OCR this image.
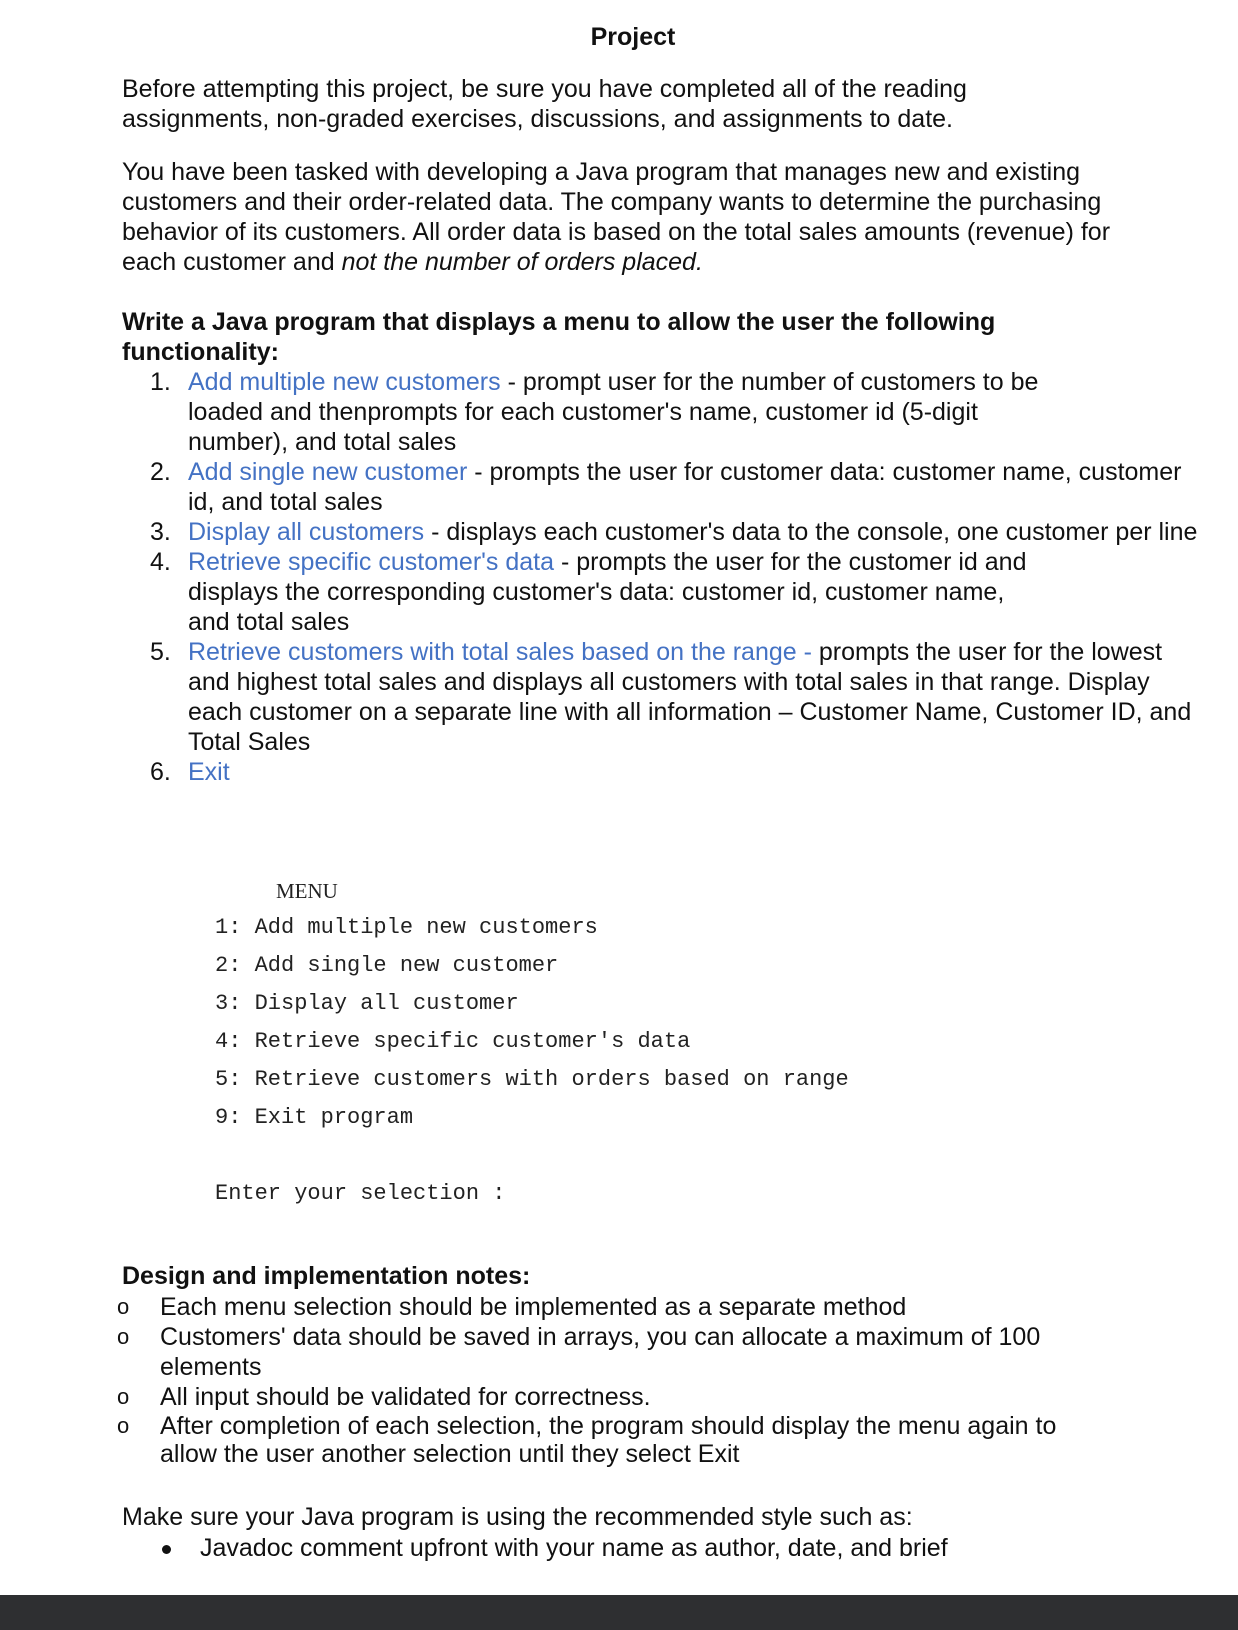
Project

Before attempting this project, be sure you have completed all of the reading assignments, non-graded exercises, discussions, and assignments to date.

You have been tasked with developing a Java program that manages new and existing customers and their order-related data. The company wants to determine the purchasing behavior of its customers. All order data is based on the total sales amounts (revenue) for each customer and not the number of orders placed.

Write a Java program that displays a menu to allow the user the following functionality:

1. Add multiple new customers - prompt user for the number of customers to be loaded and thenprompts for each customer's name, customer id (5-digit number), and total sales
2. Add single new customer - prompts the user for customer data: customer name, customer id, and total sales
3. Display all customers - displays each customer's data to the console, one customer per line
4. Retrieve specific customer's data - prompts the user for the customer id and displays the corresponding customer's data: customer id, customer name, and total sales
5. Retrieve customers with total sales based on the range - prompts the user for the lowest and highest total sales and displays all customers with total sales in that range. Display each customer on a separate line with all information – Customer Name, Customer ID, and Total Sales
6. Exit
MENU
1: Add multiple new customers
2: Add single new customer
3: Display all customer
4: Retrieve specific customer's data
5: Retrieve customers with orders based on range
9: Exit program
Enter your selection :

Design and implementation notes:

o Each menu selection should be implemented as a separate method
o Customers' data should be saved in arrays, you can allocate a maximum of 100 elements
o All input should be validated for correctness.
o After completion of each selection, the program should display the menu again to allow the user another selection until they select Exit

Make sure your Java program is using the recommended style such as:

Javadoc comment upfront with your name as author, date, and brief
